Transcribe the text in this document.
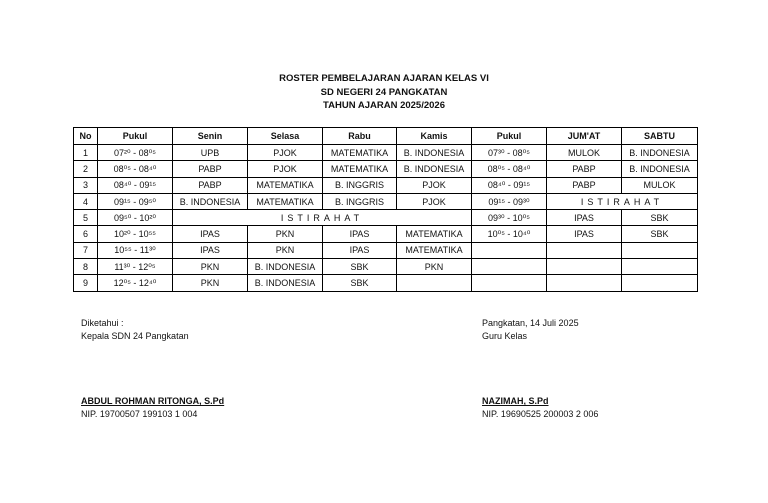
ROSTER PEMBELAJARAN AJARAN KELAS VI
SD NEGERI 24 PANGKATAN
TAHUN AJARAN 2025/2026
No	Pukul	Senin	Selasa	Rabu	Kamis	Pukul	JUM'AT	SABTU
1	07²⁰ - 08⁰⁵	UPB	PJOK	MATEMATIKA	B. INDONESIA	07³⁰ - 08⁰⁵	MULOK	B. INDONESIA
2	08⁰⁵ - 08⁴⁰	PABP	PJOK	MATEMATIKA	B. INDONESIA	08⁰⁵ - 08⁴⁰	PABP	B. INDONESIA
3	08⁴⁰ - 09¹⁵	PABP	MATEMATIKA	B. INGGRIS	PJOK	08⁴⁰ - 09¹⁵	PABP	MULOK
4	09¹⁵ - 09⁵⁰	B. INDONESIA	MATEMATIKA	B. INGGRIS	PJOK	09¹⁵ - 09³⁰	ISTIRAHAT	
5	09⁵⁰ - 10²⁰	ISTIRAHAT				09³⁰ - 10⁰⁵	IPAS	SBK
6	10²⁰ - 10⁵⁵	IPAS	PKN	IPAS	MATEMATIKA	10⁰⁵ - 10⁴⁰	IPAS	SBK
7	10⁵⁵ - 11³⁰	IPAS	PKN	IPAS	MATEMATIKA			
8	11³⁰ - 12⁰⁵	PKN	B. INDONESIA	SBK	PKN			
9	12⁰⁵ - 12⁴⁰	PKN	B. INDONESIA	SBK				
Diketahui :
Kepala SDN 24 Pangkatan
ABDUL ROHMAN RITONGA, S.Pd
NIP. 19700507 199103 1 004
Pangkatan, 14 Juli 2025
Guru Kelas
NAZIMAH, S.Pd
NIP. 19690525 200003 2 006
